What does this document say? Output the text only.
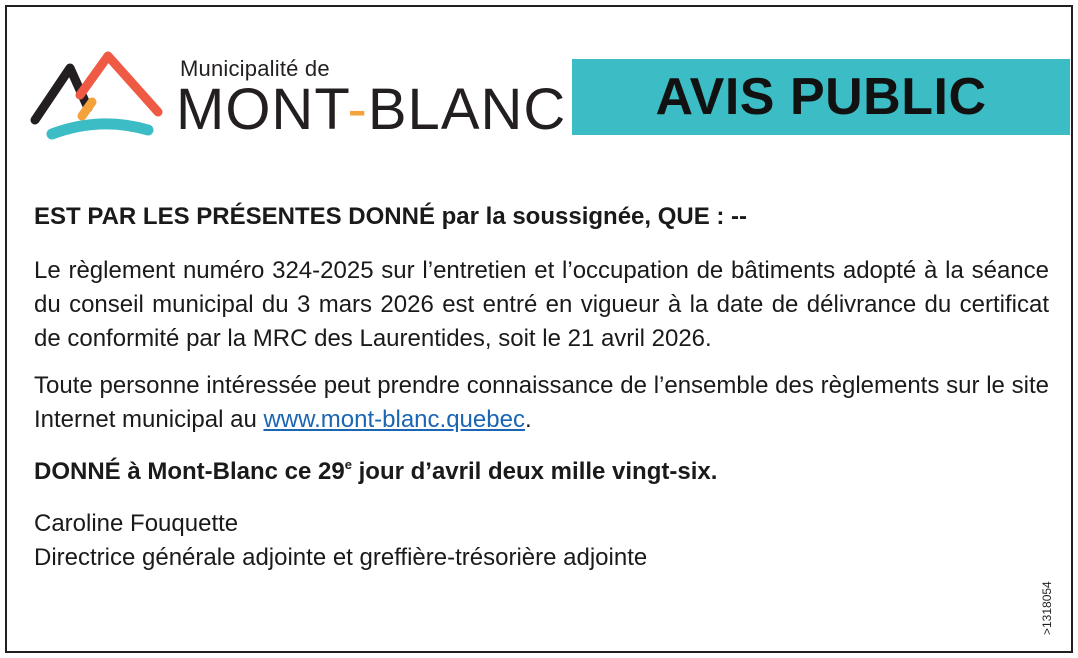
Municipalité de
MONT-BLANC AVIS PUBLIC

EST PAR LES PRÉSENTES DONNÉ par la soussignée, QUE : --

Le règlement numéro 324-2025 sur l’entretien et l’occupation de bâtiments adopté à la séance du conseil municipal du 3 mars 2026 est entré en vigueur à la date de délivrance du certificat de conformité par la MRC des Laurentides, soit le 21 avril 2026.

Toute personne intéressée peut prendre connaissance de l’ensemble des règlements sur le site Internet municipal au www.mont-blanc.quebec.

DONNÉ à Mont-Blanc ce 29e jour d’avril deux mille vingt-six.

Caroline Fouquette
Directrice générale adjointe et greffière-trésorière adjointe

>1318054
